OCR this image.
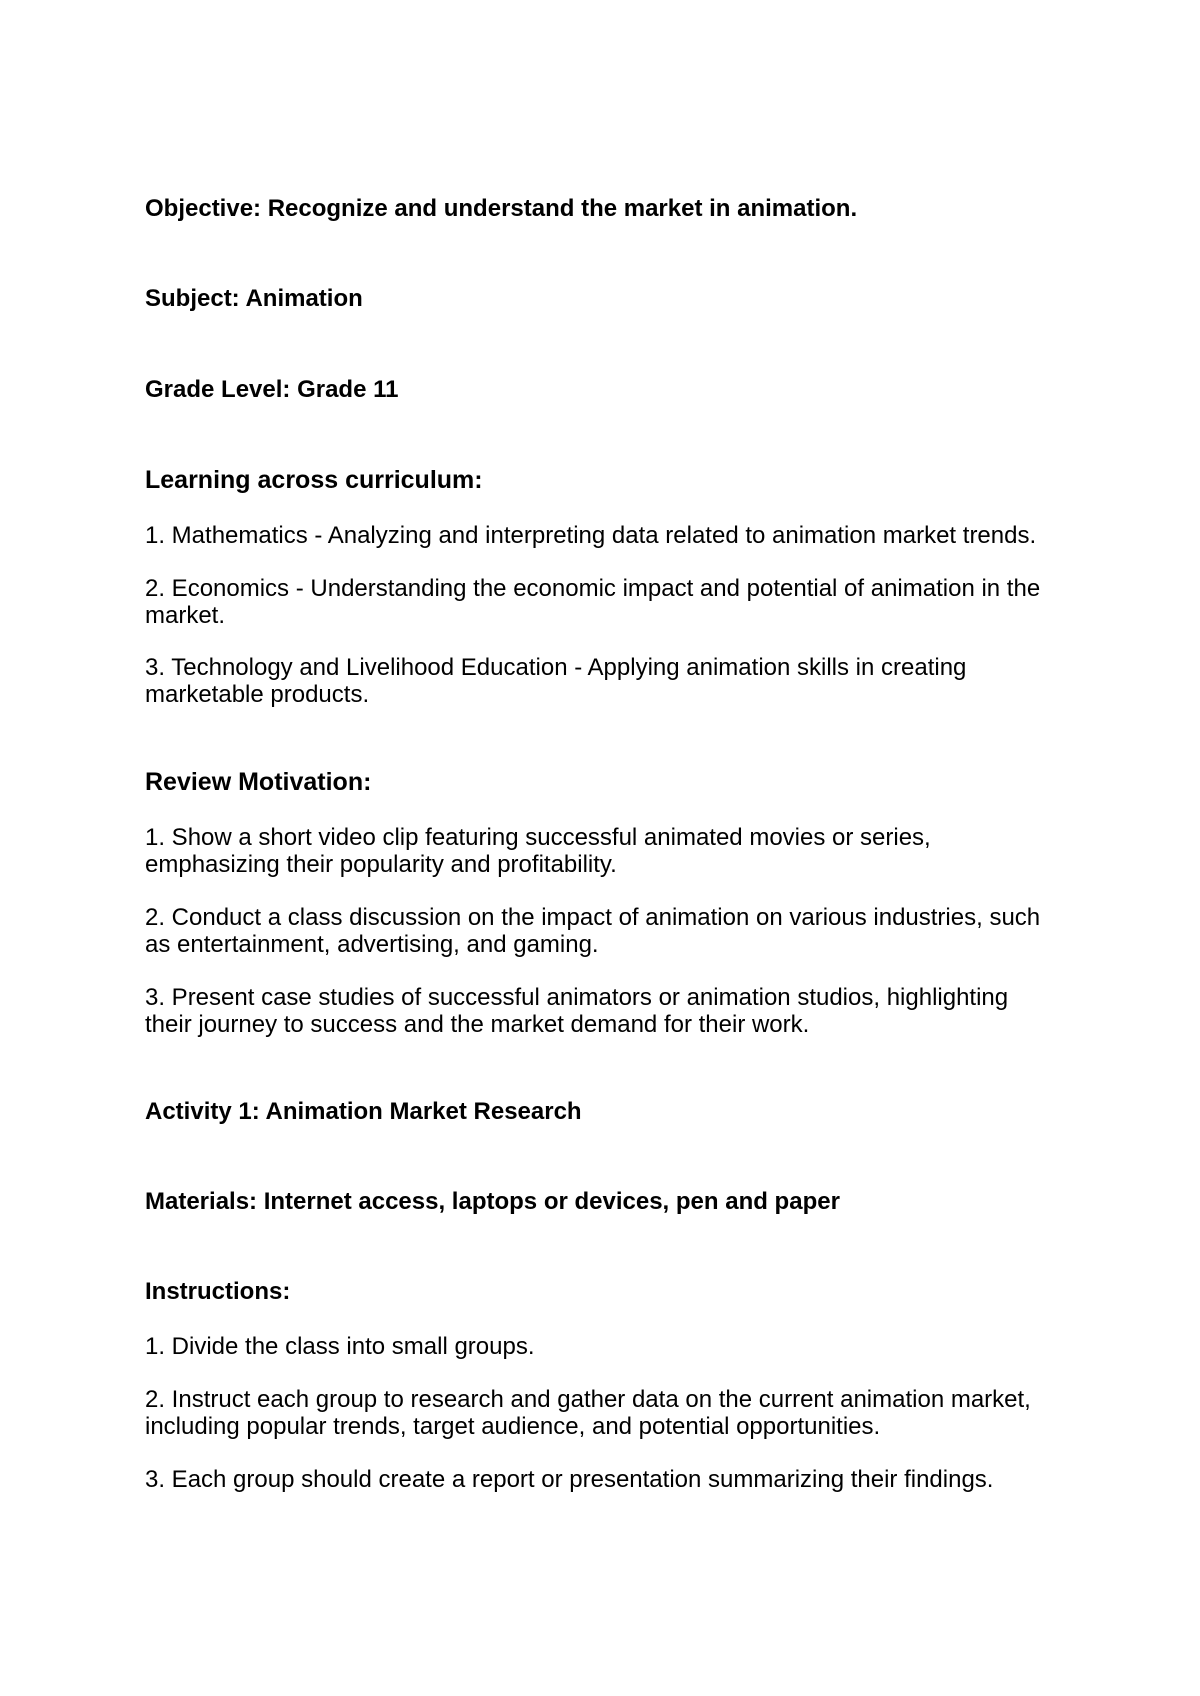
Objective: Recognize and understand the market in animation.

Subject: Animation

Grade Level: Grade 11

Learning across curriculum:

1. Mathematics - Analyzing and interpreting data related to animation market trends.

2. Economics - Understanding the economic impact and potential of animation in the

market.

3. Technology and Livelihood Education - Applying animation skills in creating

marketable products.

Review Motivation:

1. Show a short video clip featuring successful animated movies or series,

emphasizing their popularity and profitability.

2. Conduct a class discussion on the impact of animation on various industries, such

as entertainment, advertising, and gaming.

3. Present case studies of successful animators or animation studios, highlighting

their journey to success and the market demand for their work.

Activity 1: Animation Market Research

Materials: Internet access, laptops or devices, pen and paper

Instructions:

1. Divide the class into small groups.

2. Instruct each group to research and gather data on the current animation market,

including popular trends, target audience, and potential opportunities.

3. Each group should create a report or presentation summarizing their findings.
